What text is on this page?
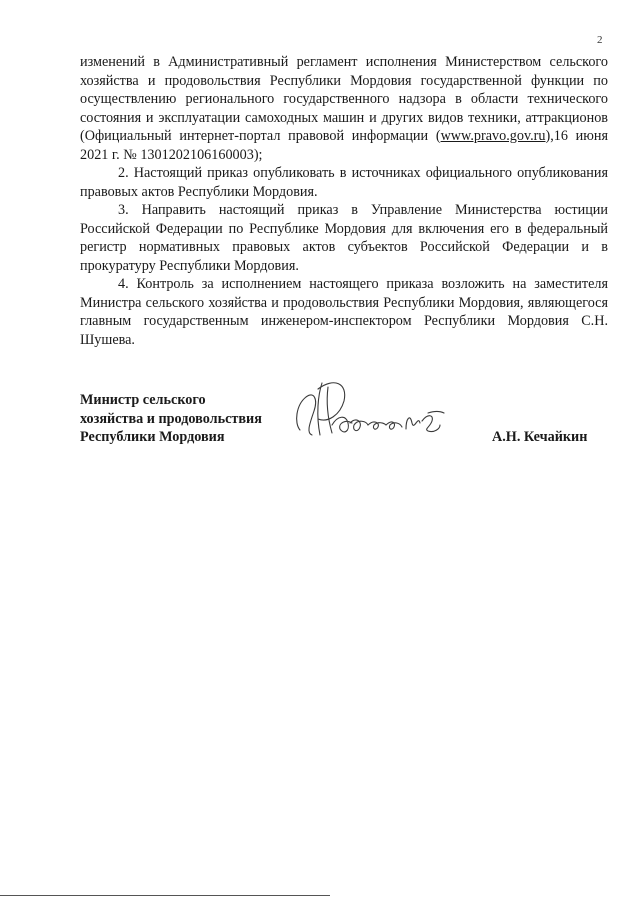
2

изменений в Административный регламент исполнения Министерством сельского хозяйства и продовольствия Республики Мордовия государственной функции по осуществлению регионального государственного надзора в области технического состояния и эксплуатации самоходных машин и других видов техники, аттракционов (Официальный интернет-портал правовой информации (www.pravo.gov.ru),16 июня 2021 г. № 1301202106160003);

2. Настоящий приказ опубликовать в источниках официального опубликования правовых актов Республики Мордовия.

3. Направить настоящий приказ в Управление Министерства юстиции Российской Федерации по Республике Мордовия для включения его в федеральный регистр нормативных правовых актов субъектов Российской Федерации и в прокуратуру Республики Мордовия.

4. Контроль за исполнением настоящего приказа возложить на заместителя Министра сельского хозяйства и продовольствия Республики Мордовия, являющегося главным государственным инженером-инспектором Республики Мордовия С.Н. Шушева.

Министр сельского
хозяйства и продовольствия
Республики Мордовия	А.Н. Кечайкин
